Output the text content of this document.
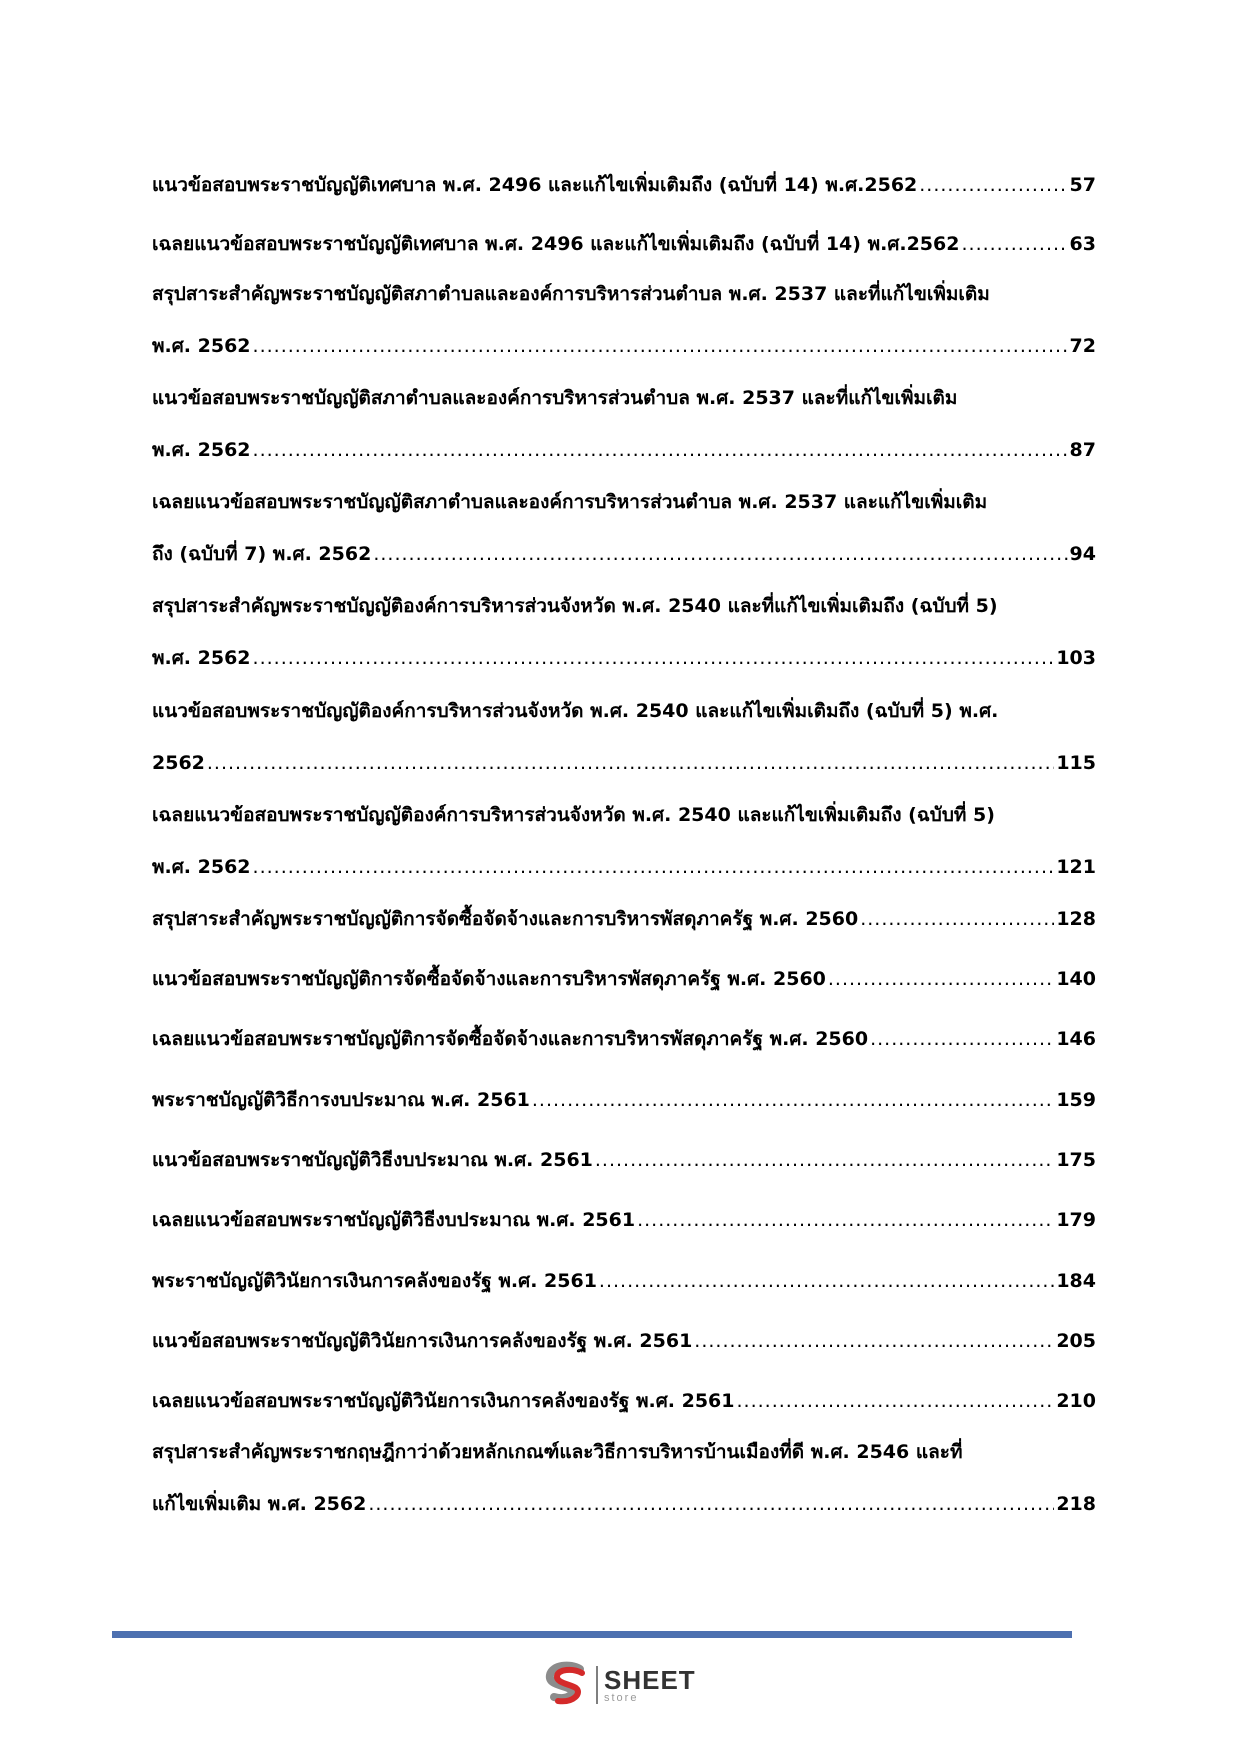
แนวข้อสอบพระราชบัญญัติเทศบาล พ.ศ. 2496 และแก้ไขเพิ่มเติมถึง (ฉบับที่ 14) พ.ศ.2562 .....	57
เฉลยแนวข้อสอบพระราชบัญญัติเทศบาล พ.ศ. 2496 และแก้ไขเพิ่มเติมถึง (ฉบับที่ 14) พ.ศ.2562 .....	63
สรุปสาระสำคัญพระราชบัญญัติสภาตำบลและองค์การบริหารส่วนตำบล พ.ศ. 2537 และที่แก้ไขเพิ่มเติม
พ.ศ. 2562 .....	72
แนวข้อสอบพระราชบัญญัติสภาตำบลและองค์การบริหารส่วนตำบล พ.ศ. 2537 และที่แก้ไขเพิ่มเติม
พ.ศ. 2562 .....	87
เฉลยแนวข้อสอบพระราชบัญญัติสภาตำบลและองค์การบริหารส่วนตำบล พ.ศ. 2537 และแก้ไขเพิ่มเติม
ถึง (ฉบับที่ 7) พ.ศ. 2562 .....	94
สรุปสาระสำคัญพระราชบัญญัติองค์การบริหารส่วนจังหวัด พ.ศ. 2540 และที่แก้ไขเพิ่มเติมถึง (ฉบับที่ 5)
พ.ศ. 2562 .....	103
แนวข้อสอบพระราชบัญญัติองค์การบริหารส่วนจังหวัด พ.ศ. 2540 และแก้ไขเพิ่มเติมถึง (ฉบับที่ 5) พ.ศ.
2562 .....	115
เฉลยแนวข้อสอบพระราชบัญญัติองค์การบริหารส่วนจังหวัด พ.ศ. 2540 และแก้ไขเพิ่มเติมถึง (ฉบับที่ 5)
พ.ศ. 2562 .....	121
สรุปสาระสำคัญพระราชบัญญัติการจัดซื้อจัดจ้างและการบริหารพัสดุภาครัฐ พ.ศ. 2560 .....	128
แนวข้อสอบพระราชบัญญัติการจัดซื้อจัดจ้างและการบริหารพัสดุภาครัฐ พ.ศ. 2560 .....	140
เฉลยแนวข้อสอบพระราชบัญญัติการจัดซื้อจัดจ้างและการบริหารพัสดุภาครัฐ พ.ศ. 2560 .....	146
พระราชบัญญัติวิธีการงบประมาณ พ.ศ. 2561 .....	159
แนวข้อสอบพระราชบัญญัติวิธีงบประมาณ พ.ศ. 2561 .....	175
เฉลยแนวข้อสอบพระราชบัญญัติวิธีงบประมาณ พ.ศ. 2561 .....	179
พระราชบัญญัติวินัยการเงินการคลังของรัฐ พ.ศ. 2561 .....	184
แนวข้อสอบพระราชบัญญัติวินัยการเงินการคลังของรัฐ พ.ศ. 2561 .....	205
เฉลยแนวข้อสอบพระราชบัญญัติวินัยการเงินการคลังของรัฐ พ.ศ. 2561 .....	210
สรุปสาระสำคัญพระราชกฤษฎีกาว่าด้วยหลักเกณฑ์และวิธีการบริหารบ้านเมืองที่ดี พ.ศ. 2546 และที่
แก้ไขเพิ่มเติม พ.ศ. 2562 .....	218
SHEET
store
